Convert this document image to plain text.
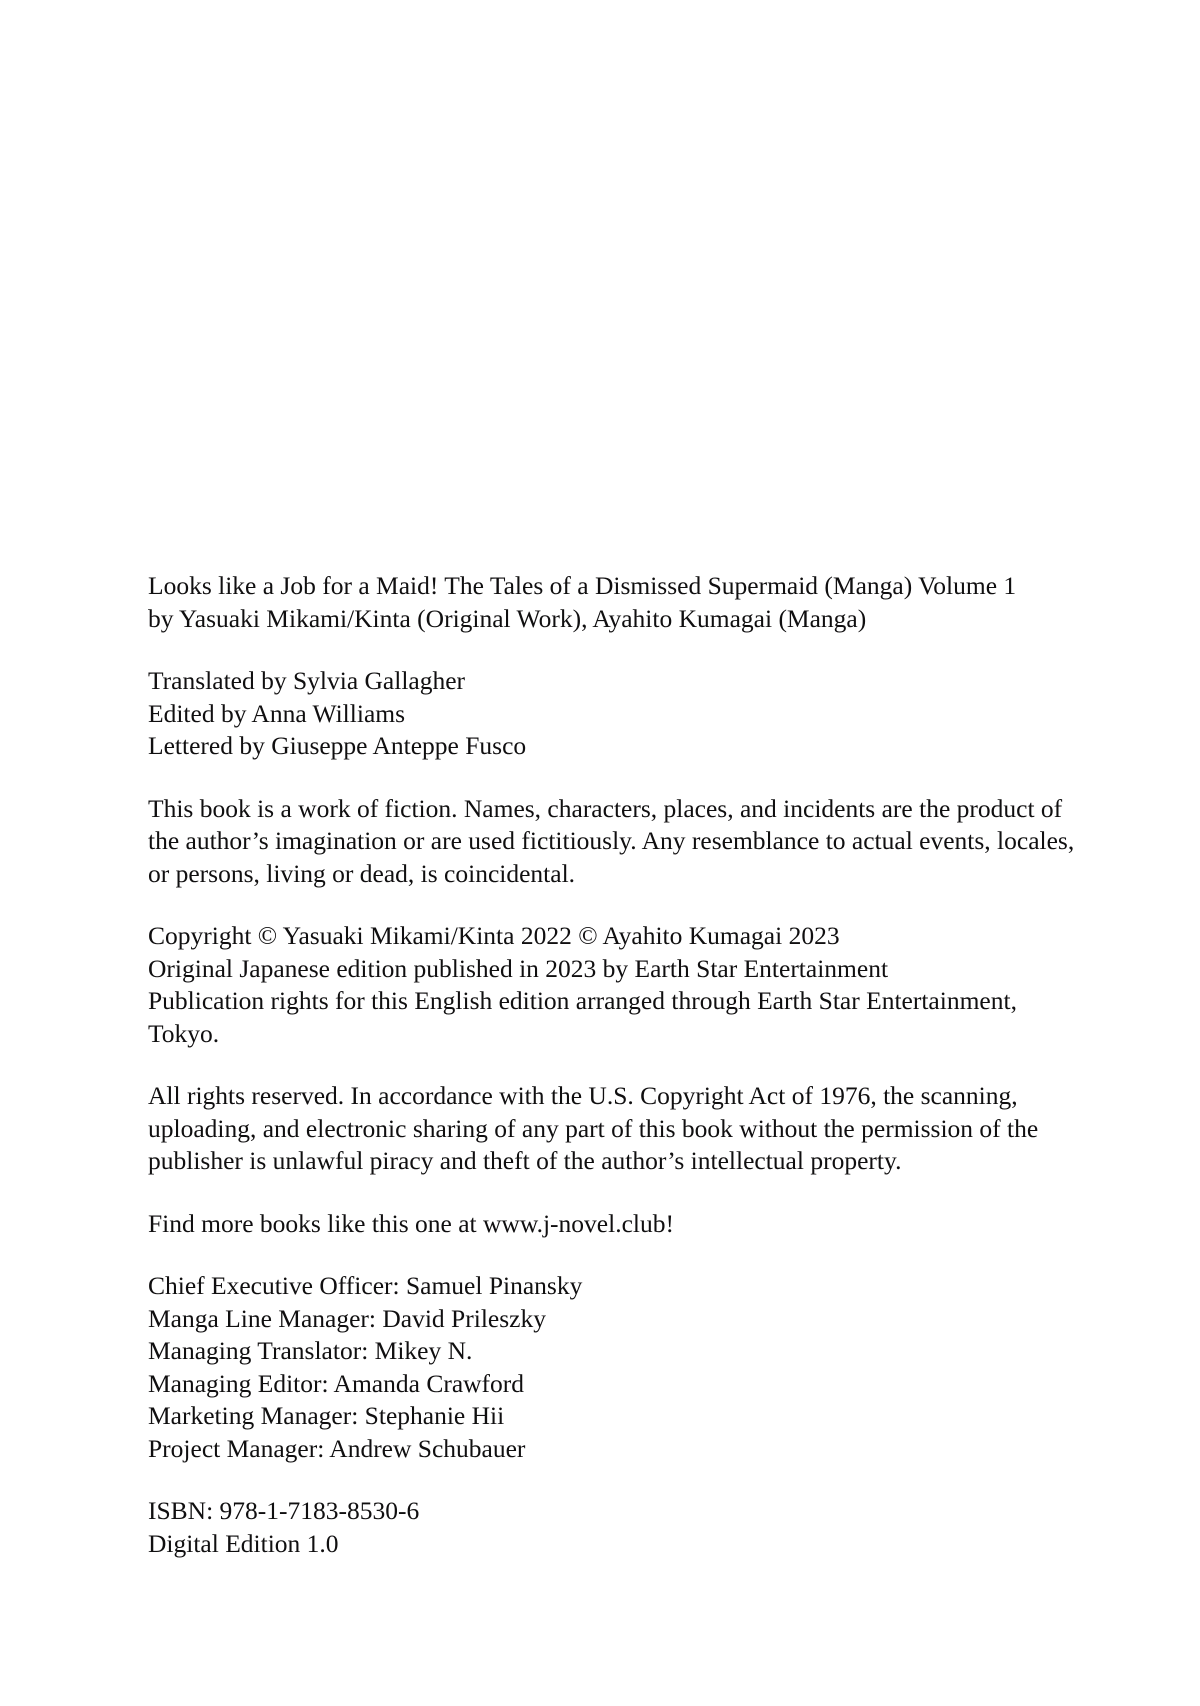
Looks like a Job for a Maid! The Tales of a Dismissed Supermaid (Manga) Volume 1
by Yasuaki Mikami/Kinta (Original Work), Ayahito Kumagai (Manga)
Translated by Sylvia Gallagher
Edited by Anna Williams
Lettered by Giuseppe Anteppe Fusco
This book is a work of fiction. Names, characters, places, and incidents are the product of the author’s imagination or are used fictitiously. Any resemblance to actual events, locales, or persons, living or dead, is coincidental.
Copyright © Yasuaki Mikami/Kinta 2022 © Ayahito Kumagai 2023
Original Japanese edition published in 2023 by Earth Star Entertainment
Publication rights for this English edition arranged through Earth Star Entertainment, Tokyo.
All rights reserved. In accordance with the U.S. Copyright Act of 1976, the scanning, uploading, and electronic sharing of any part of this book without the permission of the publisher is unlawful piracy and theft of the author’s intellectual property.
Find more books like this one at www.j-novel.club!
Chief Executive Officer: Samuel Pinansky
Manga Line Manager: David Prileszky
Managing Translator: Mikey N.
Managing Editor: Amanda Crawford
Marketing Manager: Stephanie Hii
Project Manager: Andrew Schubauer
ISBN: 978-1-7183-8530-6
Digital Edition 1.0
